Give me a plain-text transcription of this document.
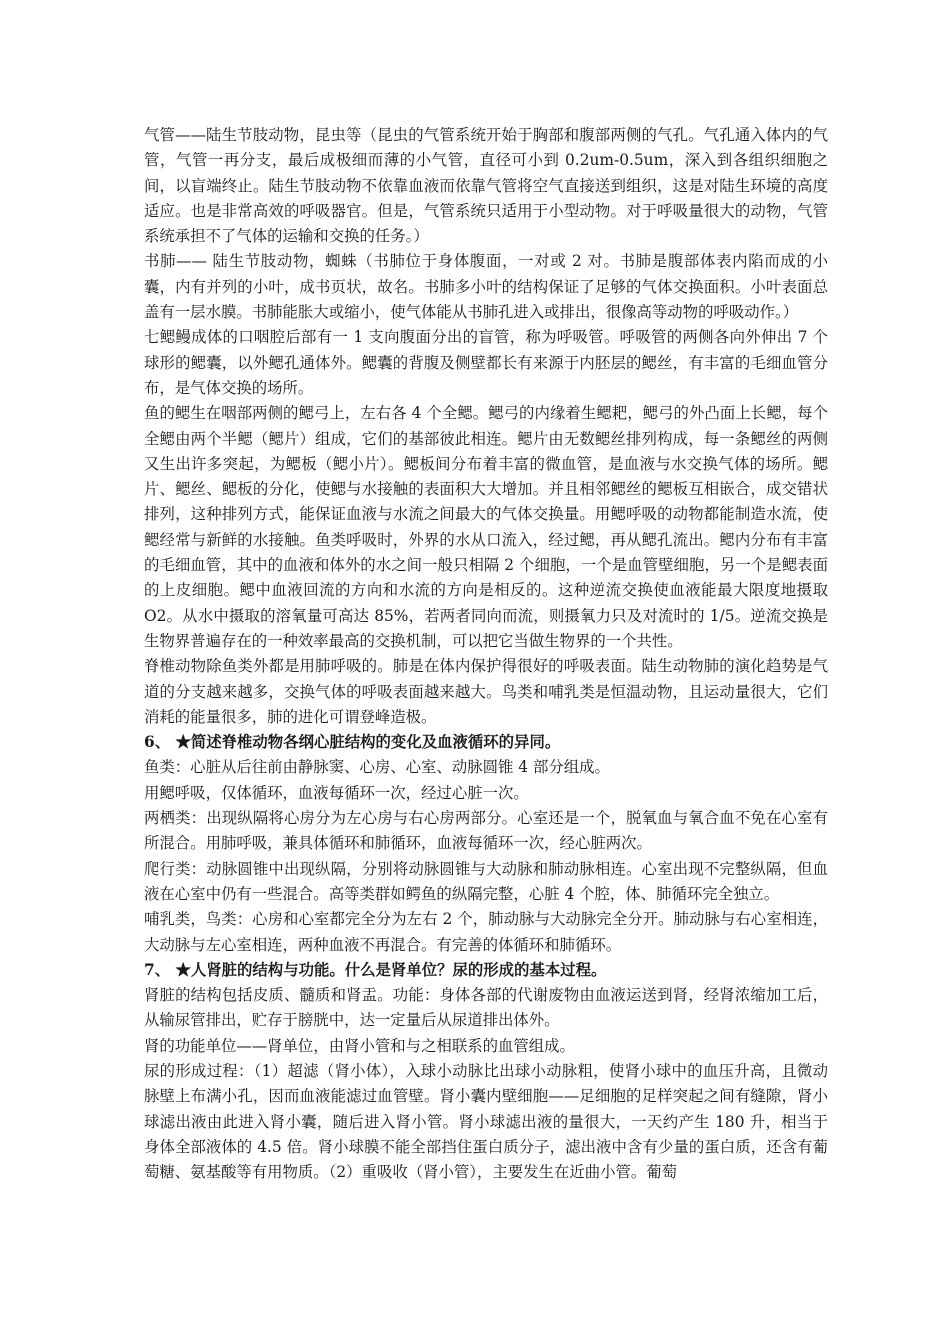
气管——陆生节肢动物，昆虫等（昆虫的气管系统开始于胸部和腹部两侧的气孔。气孔通入体内的气管，气管一再分支，最后成极细而薄的小气管，直径可小到 0.2um-0.5um，深入到各组织细胞之间，以盲端终止。陆生节肢动物不依靠血液而依靠气管将空气直接送到组织，这是对陆生环境的高度适应。也是非常高效的呼吸器官。但是，气管系统只适用于小型动物。对于呼吸量很大的动物，气管系统承担不了气体的运输和交换的任务。）

书肺—— 陆生节肢动物，蜘蛛（书肺位于身体腹面，一对或 2 对。书肺是腹部体表内陷而成的小囊，内有并列的小叶，成书页状，故名。书肺多小叶的结构保证了足够的气体交换面积。小叶表面总盖有一层水膜。书肺能胀大或缩小，使气体能从书肺孔进入或排出，很像高等动物的呼吸动作。）

七鳃鳗成体的口咽腔后部有一 1 支向腹面分出的盲管，称为呼吸管。呼吸管的两侧各向外伸出 7 个球形的鳃囊，以外鳃孔通体外。鳃囊的背腹及侧壁都长有来源于内胚层的鳃丝，有丰富的毛细血管分布，是气体交换的场所。

鱼的鳃生在咽部两侧的鳃弓上，左右各 4 个全鳃。鳃弓的内缘着生鳃耙，鳃弓的外凸面上长鳃，每个全鳃由两个半鳃（鳃片）组成，它们的基部彼此相连。鳃片由无数鳃丝排列构成，每一条鳃丝的两侧又生出许多突起，为鳃板（鳃小片）。鳃板间分布着丰富的微血管，是血液与水交换气体的场所。鳃片、鳃丝、鳃板的分化，使鳃与水接触的表面积大大增加。并且相邻鳃丝的鳃板互相嵌合，成交错状排列，这种排列方式，能保证血液与水流之间最大的气体交换量。用鳃呼吸的动物都能制造水流，使鳃经常与新鲜的水接触。鱼类呼吸时，外界的水从口流入，经过鳃，再从鳃孔流出。鳃内分布有丰富的毛细血管，其中的血液和体外的水之间一般只相隔 2 个细胞，一个是血管壁细胞，另一个是鳃表面的上皮细胞。鳃中血液回流的方向和水流的方向是相反的。这种逆流交换使血液能最大限度地摄取 O2。从水中摄取的溶氧量可高达 85%，若两者同向而流，则摄氧力只及对流时的 1/5。逆流交换是生物界普遍存在的一种效率最高的交换机制，可以把它当做生物界的一个共性。

脊椎动物除鱼类外都是用肺呼吸的。肺是在体内保护得很好的呼吸表面。陆生动物肺的演化趋势是气道的分支越来越多，交换气体的呼吸表面越来越大。鸟类和哺乳类是恒温动物，且运动量很大，它们消耗的能量很多，肺的进化可谓登峰造极。

6、 ★简述脊椎动物各纲心脏结构的变化及血液循环的异同。

鱼类：心脏从后往前由静脉窦、心房、心室、动脉圆锥 4 部分组成。

用鳃呼吸，仅体循环，血液每循环一次，经过心脏一次。

两栖类：出现纵隔将心房分为左心房与右心房两部分。心室还是一个，脱氧血与氧合血不免在心室有所混合。用肺呼吸，兼具体循环和肺循环，血液每循环一次，经心脏两次。

爬行类：动脉圆锥中出现纵隔，分别将动脉圆锥与大动脉和肺动脉相连。心室出现不完整纵隔，但血液在心室中仍有一些混合。高等类群如鳄鱼的纵隔完整，心脏 4 个腔，体、肺循环完全独立。

哺乳类，鸟类：心房和心室都完全分为左右 2 个，肺动脉与大动脉完全分开。肺动脉与右心室相连，大动脉与左心室相连，两种血液不再混合。有完善的体循环和肺循环。

7、 ★人肾脏的结构与功能。什么是肾单位？尿的形成的基本过程。

肾脏的结构包括皮质、髓质和肾盂。功能：身体各部的代谢废物由血液运送到肾，经肾浓缩加工后，从输尿管排出，贮存于膀胱中，达一定量后从尿道排出体外。

肾的功能单位——肾单位，由肾小管和与之相联系的血管组成。

尿的形成过程：（1）超滤（肾小体），入球小动脉比出球小动脉粗，使肾小球中的血压升高，且微动脉壁上布满小孔，因而血液能滤过血管壁。肾小囊内壁细胞——足细胞的足样突起之间有缝隙，肾小球滤出液由此进入肾小囊，随后进入肾小管。肾小球滤出液的量很大，一天约产生 180 升，相当于身体全部液体的 4.5 倍。肾小球膜不能全部挡住蛋白质分子，滤出液中含有少量的蛋白质，还含有葡萄糖、氨基酸等有用物质。（2）重吸收（肾小管），主要发生在近曲小管。葡萄
